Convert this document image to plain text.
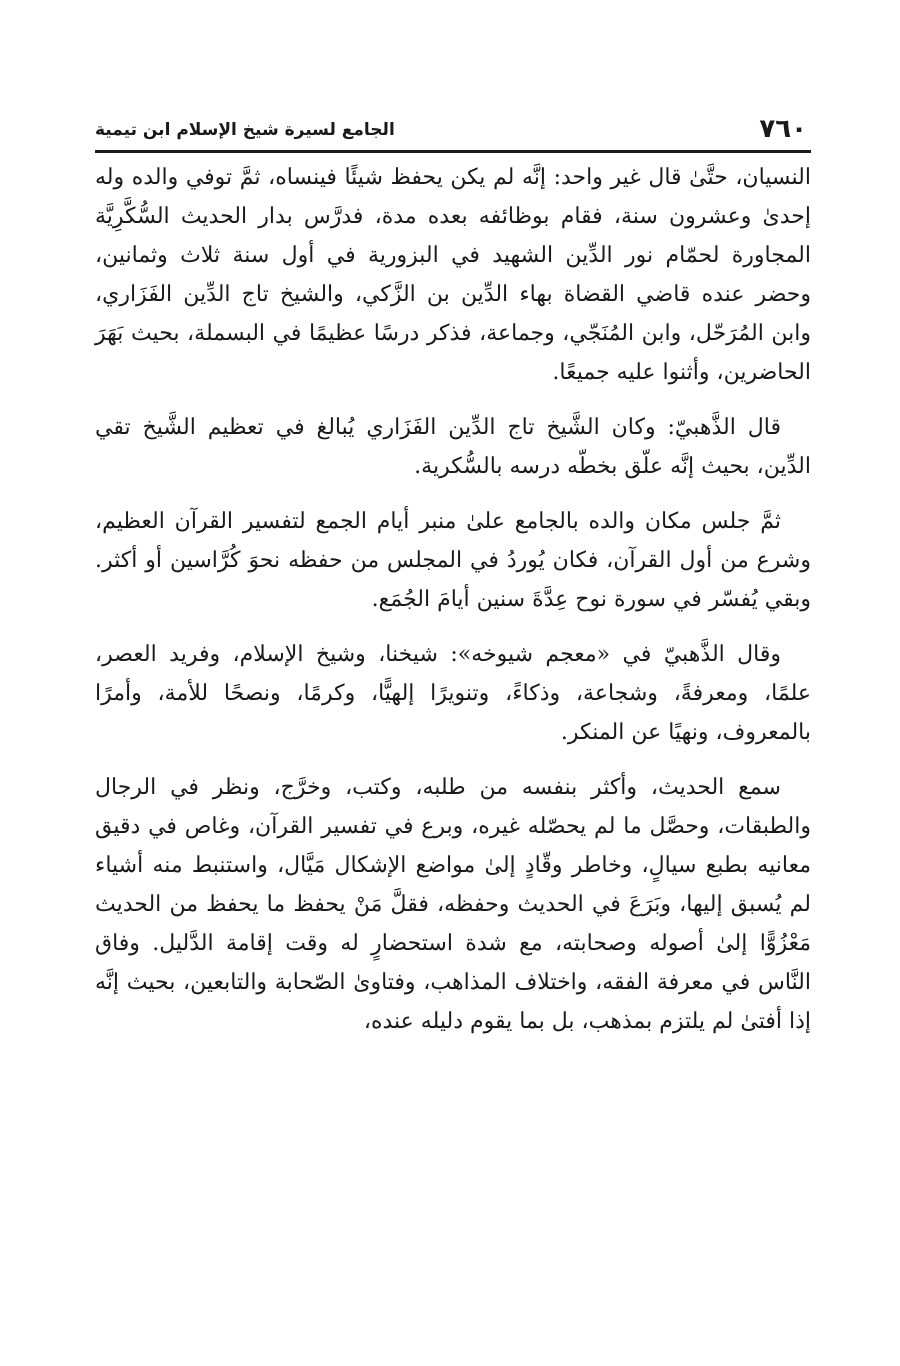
٧٦٠
الجامع لسيرة شيخ الإسلام ابن تيمية

النسيان، حتَّىٰ قال غير واحد: إنَّه لم يكن يحفظ شيئًا فينساه، ثمَّ توفي والده وله إحدىٰ وعشرون سنة، فقام بوظائفه بعده مدة، فدرَّس بدار الحديث السُّكَّرِيَّة المجاورة لحمّام نور الدِّين الشهيد في البزورية في أول سنة ثلاث وثمانين، وحضر عنده قاضي القضاة بهاء الدِّين بن الزَّكي، والشيخ تاج الدِّين الفَزَاري، وابن المُرَحّل، وابن المُنَجّي، وجماعة، فذكر درسًا عظيمًا في البسملة، بحيث بَهَرَ الحاضرين، وأثنوا عليه جميعًا.

قال الذَّهبيّ: وكان الشَّيخ تاج الدِّين الفَزَاري يُبالغ في تعظيم الشَّيخ تقي الدِّين، بحيث إنَّه علّق بخطّه درسه بالسُّكرية.

ثمَّ جلس مكان والده بالجامع علىٰ منبر أيام الجمع لتفسير القرآن العظيم، وشرع من أول القرآن، فكان يُوردُ في المجلس من حفظه نحوَ كُرَّاسين أو أكثر. وبقي يُفسّر في سورة نوح عِدَّةَ سنين أيامَ الجُمَع.

وقال الذَّهبيّ في «معجم شيوخه»: شيخنا، وشيخ الإسلام، وفريد العصر، علمًا، ومعرفةً، وشجاعة، وذكاءً، وتنويرًا إلهيًّا، وكرمًا، ونصحًا للأمة، وأمرًا بالمعروف، ونهيًا عن المنكر.

سمع الحديث، وأكثر بنفسه من طلبه، وكتب، وخرَّج، ونظر في الرجال والطبقات، وحصَّل ما لم يحصّله غيره، وبرع في تفسير القرآن، وغاص في دقيق معانيه بطبع سيالٍ، وخاطر وقّادٍ إلىٰ مواضع الإشكال مَيَّال، واستنبط منه أشياء لم يُسبق إليها، وبَرَعَ في الحديث وحفظه، فقلَّ مَنْ يحفظ ما يحفظ من الحديث مَعْزُوًّا إلىٰ أصوله وصحابته، مع شدة استحضارٍ له وقت إقامة الدَّليل. وفاق النَّاس في معرفة الفقه، واختلاف المذاهب، وفتاوىٰ الصّحابة والتابعين، بحيث إنَّه إذا أفتىٰ لم يلتزم بمذهب، بل بما يقوم دليله عنده،
